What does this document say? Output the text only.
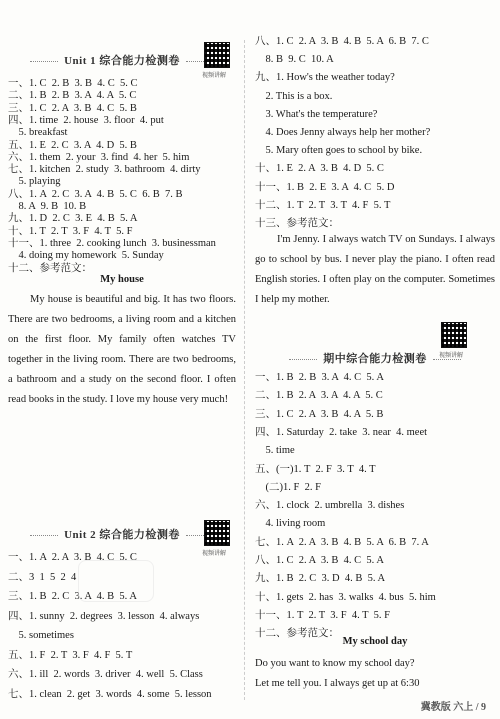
Unit 1 综合能力检测卷
视频讲解
一、1. C  2. B  3. B  4. C  5. C
二、1. B  2. B  3. A  4. A  5. C
三、1. C  2. A  3. B  4. C  5. B
四、1. time  2. house  3. floor  4. put
5. breakfast
五、1. E  2. C  3. A  4. D  5. B
六、1. them  2. your  3. find  4. her  5. him
七、1. kitchen  2. study  3. bathroom  4. dirty
5. playing
八、1. A  2. C  3. A  4. B  5. C  6. B  7. B
8. A  9. B  10. B
九、1. D  2. C  3. E  4. B  5. A
十、1. T  2. T  3. F  4. T  5. F
十一、1. three  2. cooking lunch  3. businessman
4. doing my homework  5. Sunday
十二、参考范文：
My house
My house is beautiful and big. It has two floors. There are two bedrooms, a living room and a kitchen on the first floor. My family often watches TV together in the living room. There are two bedrooms, a bathroom and a study on the second floor. I often read books in the study. I love my house very much!
Unit 2 综合能力检测卷
视频讲解
一、1. A  2. A  3. B  4. C  5. C
二、3  1  5  2  4
三、1. B  2. C  3. A  4. B  5. A
四、1. sunny  2. degrees  3. lesson  4. always
5. sometimes
五、1. F  2. T  3. F  4. F  5. T
六、1. ill  2. words  3. driver  4. well  5. Class
七、1. clean  2. get  3. words  4. some  5. lesson
八、1. C  2. A  3. B  4. B  5. A  6. B  7. C
8. B  9. C  10. A
九、1. How's the weather today?
2. This is a box.
3. What's the temperature?
4. Does Jenny always help her mother?
5. Mary often goes to school by bike.
十、1. E  2. A  3. B  4. D  5. C
十一、1. B  2. E  3. A  4. C  5. D
十二、1. T  2. T  3. T  4. F  5. T
十三、参考范文：
I'm Jenny. I always watch TV on Sundays. I always go to school by bus. I never play the piano. I often read English stories. I often play on the computer. Sometimes I help my mother.
期中综合能力检测卷	视频讲解
一、1. B  2. B  3. A  4. C  5. A
二、1. B  2. A  3. A  4. A  5. C
三、1. C  2. A  3. B  4. A  5. B
四、1. Saturday  2. take  3. near  4. meet
5. time
五、(一)1. T  2. F  3. T  4. T
(二)1. F  2. F
六、1. clock  2. umbrella  3. dishes
4. living room
七、1. A  2. A  3. B  4. B  5. A  6. B  7. A
八、1. C  2. A  3. B  4. C  5. A
九、1. B  2. C  3. D  4. B  5. A
十、1. gets  2. has  3. walks  4. bus  5. him
十一、1. T  2. T  3. F  4. T  5. F
十二、参考范文：
My school day
Do you want to know my school day?
Let me tell you. I always get up at 6:30
冀教版 六上 / 9
